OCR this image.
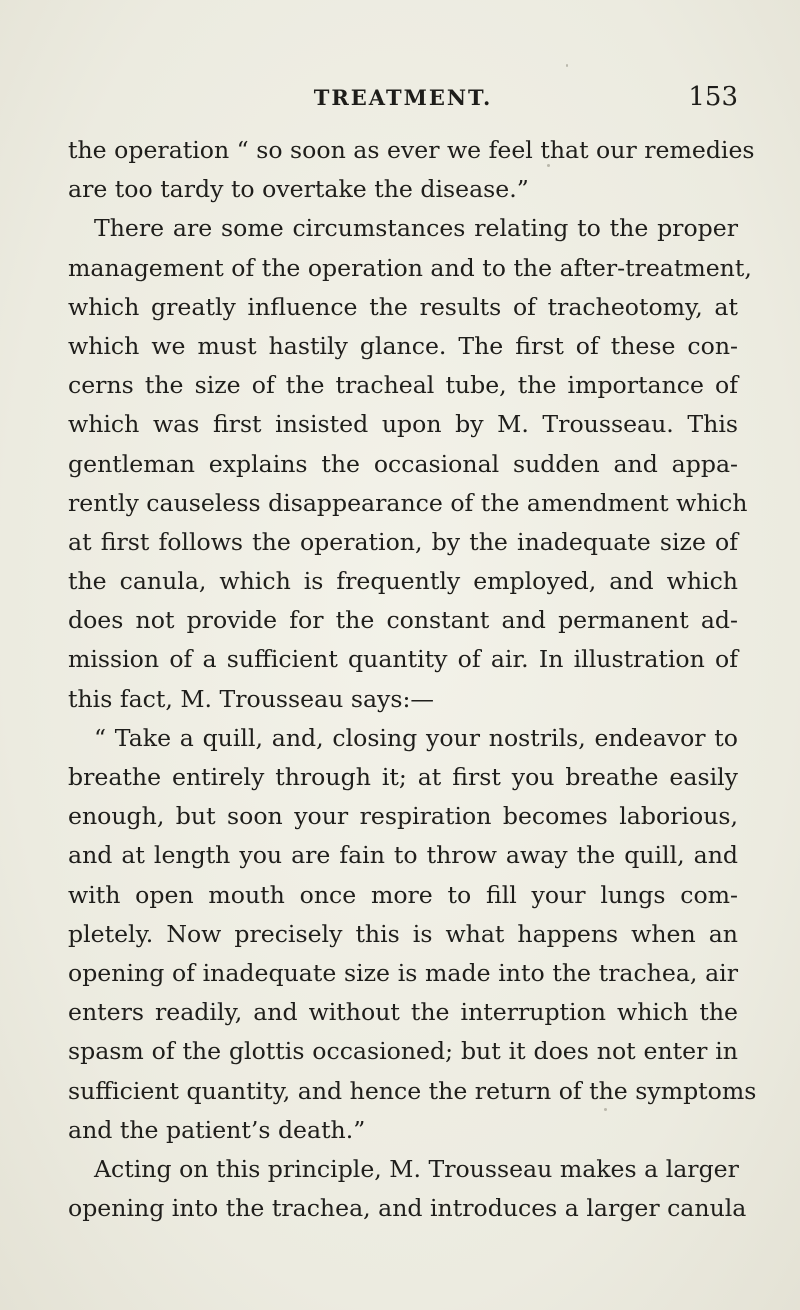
TREATMENT.	153
the operation “ so soon as ever we feel that our remedies
are too tardy to overtake the disease.”
There are some circumstances relating to the proper
management of the operation and to the after-treatment,
which greatly influence the results of tracheotomy, at
which we must hastily glance. The first of these con-
cerns the size of the tracheal tube, the importance of
which was first insisted upon by M. Trousseau. This
gentleman explains the occasional sudden and appa-
rently causeless disappearance of the amendment which
at first follows the operation, by the inadequate size of
the canula, which is frequently employed, and which
does not provide for the constant and permanent ad-
mission of a sufficient quantity of air. In illustration of
this fact, M. Trousseau says:—
“ Take a quill, and, closing your nostrils, endeavor to
breathe entirely through it; at first you breathe easily
enough, but soon your respiration becomes laborious,
and at length you are fain to throw away the quill, and
with open mouth once more to fill your lungs com-
pletely. Now precisely this is what happens when an
opening of inadequate size is made into the trachea, air
enters readily, and without the interruption which the
spasm of the glottis occasioned; but it does not enter in
sufficient quantity, and hence the return of the symptoms
and the patient’s death.”
Acting on this principle, M. Trousseau makes a larger
opening into the trachea, and introduces a larger canula
